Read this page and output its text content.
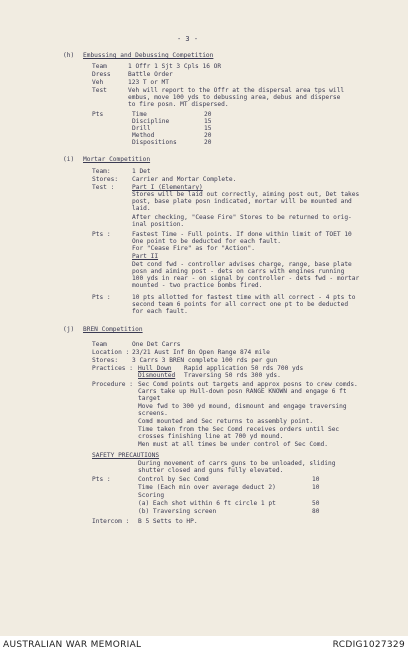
- 3 -
(h) Embussing and Debussing Competition
Team	1 Offr 1 Sjt 3 Cpls 16 OR
Dress	Battle Order
Veh	123 T or MT
Test	Veh will report to the Offr at the dispersal area tps will
embus, move 100 yds to debussing area, debus and disperse
to fire posn. MT dispersed.
Pts	Time	20
Discipline	15
Drill	15
Method	20
Dispositions	20
(i) Mortar Competition
Team:	1 Det
Stores: Carrier and Mortar Complete.
Test :	Part I (Elementary)
Stores will be laid out correctly, aiming post out, Det takes
post, base plate posn indicated, mortar will be mounted and
laid.
After checking, "Cease Fire" Stores to be returned to orig-
inal position.
Pts :	Fastest Time - Full points. If done within limit of TOET 10
One point to be deducted for each fault.
For "Cease Fire" as for "Action".
Part II
Det cond fwd - controller advises charge, range, base plate
posn and aiming post - dets on carrs with engines running
100 yds in rear - on signal by controller - dets fwd - mortar
mounted - two practice bombs fired.
Pts :	10 pts allotted for fastest time with all correct - 4 pts to
second team 6 points for all correct one pt to be deducted
for each fault.
(j) BREN Competition
Team	One Det Carrs
Location : 23/21 Aust Inf Bn Open Range 874 mile
Stores: 3 Carrs 3 BREN complete 100 rds per gun
Practices : Hull Down Rapid application 50 rds 700 yds
Dismounted Traversing 50 rds 300 yds.
Procedure : Sec Comd points out targets and approx posns to crew comds.
Carrs take up Hull-down posn RANGE KNOWN and engage 6 ft
target
Move fwd to 300 yd mound, dismount and engage traversing
screens.
Comd mounted and Sec returns to assembly point.
Time taken from the Sec Comd receives orders until Sec
crosses finishing line at 700 yd mound.
Men must at all times be under control of Sec Comd.
SAFETY PRECAUTIONS
During movement of carrs guns to be unloaded, sliding
shutter closed and guns fully elevated.
Pts :	Control by Sec Comd	10
Time (Each min over average deduct 2)	10
Scoring
(a) Each shot within 6 ft circle 1 pt	50
(b) Traversing screen	80
Intercom : B 5 Setts to HP.
AUSTRALIAN WAR MEMORIAL	RCDIG1027329
